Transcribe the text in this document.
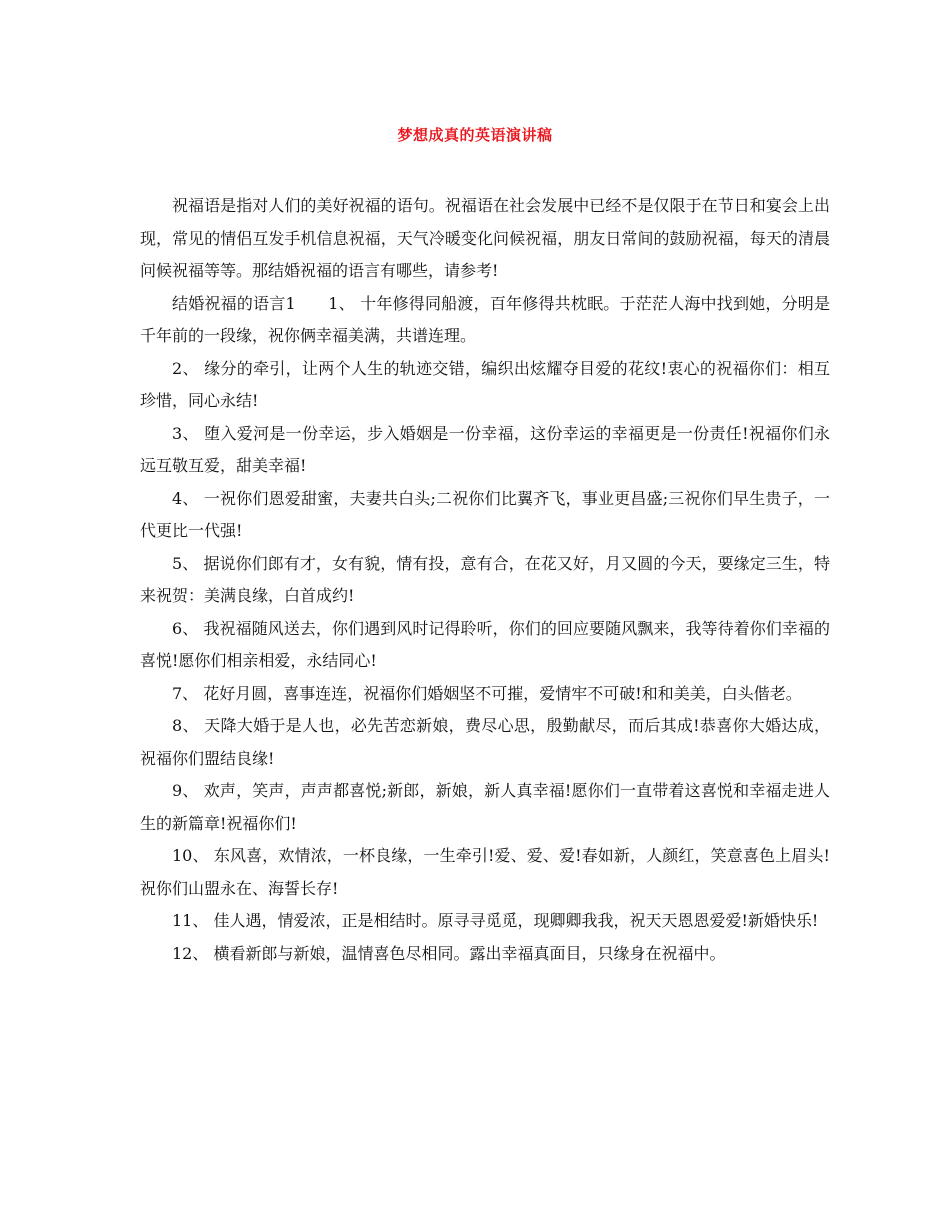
梦想成真的英语演讲稿

祝福语是指对人们的美好祝福的语句。祝福语在社会发展中已经不是仅限于在节日和宴会上出现，常见的情侣互发手机信息祝福，天气冷暖变化问候祝福，朋友日常间的鼓励祝福，每天的清晨问候祝福等等。那结婚祝福的语言有哪些，请参考!

结婚祝福的语言1　　1、 十年修得同船渡，百年修得共枕眠。于茫茫人海中找到她，分明是千年前的一段缘，祝你俩幸福美满，共谱连理。

2、 缘分的牵引，让两个人生的轨迹交错，编织出炫耀夺目爱的花纹!衷心的祝福你们：相互珍惜，同心永结!

3、 堕入爱河是一份幸运，步入婚姻是一份幸福，这份幸运的幸福更是一份责任!祝福你们永远互敬互爱，甜美幸福!

4、 一祝你们恩爱甜蜜，夫妻共白头;二祝你们比翼齐飞，事业更昌盛;三祝你们早生贵子，一代更比一代强!

5、 据说你们郎有才，女有貌，情有投，意有合，在花又好，月又圆的今天，要缘定三生，特来祝贺：美满良缘，白首成约!

6、 我祝福随风送去，你们遇到风时记得聆听，你们的回应要随风飘来，我等待着你们幸福的喜悦!愿你们相亲相爱，永结同心!

7、 花好月圆，喜事连连，祝福你们婚姻坚不可摧，爱情牢不可破!和和美美，白头偕老。

8、 天降大婚于是人也，必先苦恋新娘，费尽心思，殷勤献尽，而后其成!恭喜你大婚达成，祝福你们盟结良缘!

9、 欢声，笑声，声声都喜悦;新郎，新娘，新人真幸福!愿你们一直带着这喜悦和幸福走进人生的新篇章!祝福你们!

10、 东风喜，欢情浓，一杯良缘，一生牵引!爱、爱、爱!春如新，人颜红，笑意喜色上眉头!祝你们山盟永在、海誓长存!

11、 佳人遇，情爱浓，正是相结时。原寻寻觅觅，现卿卿我我，祝天天恩恩爱爱!新婚快乐!

12、 横看新郎与新娘，温情喜色尽相同。露出幸福真面目，只缘身在祝福中。
